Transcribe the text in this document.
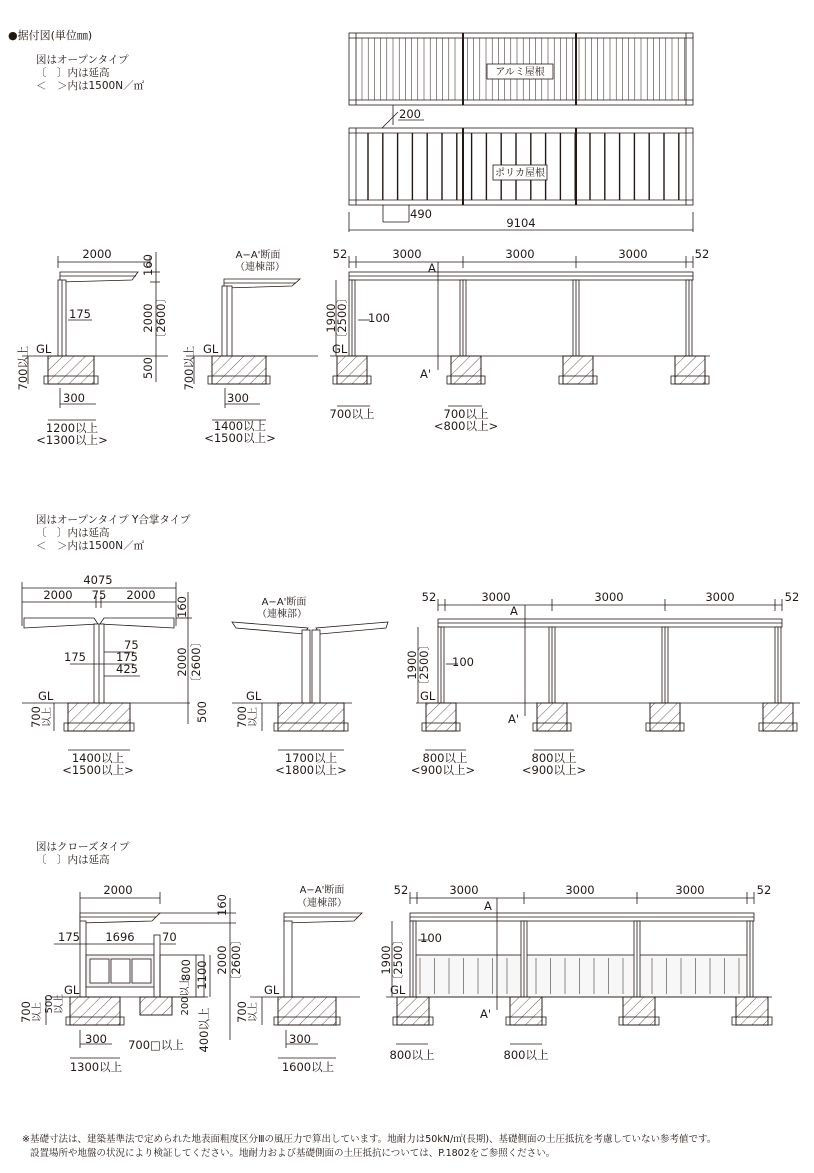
●据付図(単位㎜)
図はオープンタイプ
〔　〕内は延高
＜　＞内は1500N／㎡
図はオープンタイプ Y合掌タイプ
〔　〕内は延高
＜　＞内は1500N／㎡
図はクローズタイプ
〔　〕内は延高
※基礎寸法は、建築基準法で定められた地表面粗度区分Ⅲの風圧力で算出しています。地耐力は50kN/㎡(長期)、基礎側面の土圧抵抗を考慮していない参考値です。
設置場所や地盤の状況により検証してください。地耐力および基礎側面の土圧抵抗については、P.1802をご参照ください。
アルミ屋根
200
ポリカ屋根
490
9104
2000
160
2000 〔2600〕
500
175
GL
700以上
300
1200以上
<1300以上>
A−A'断面
（連棟部）
GL
700以上
300
1400以上
<1500以上>
52	3000	3000	3000	52
A
A'
1900
〔2500〕 100
GL
700以上	700以上
<800以上>
4075
2000 75 2000
160
2000 〔2600〕
500
75
175	175
425
GL
700 以上
1400以上
<1500以上>
A−A'断面
（連棟部）
GL
700 以上
1700以上
<1800以上>
52	3000	3000	3000	52
A
A'
1900
〔2500〕 100
GL
800以上
<900以上>
800以上
<900以上>
2000
160
2000 〔2600〕
175 1696 70
800 1100
GL
700 以上 500 以上	200以上
400以上
300 700□以上
1300以上
A−A'断面
（連棟部）
GL
700 以上
300
1600以上
52	3000	3000	3000	52
A
A'
1900
〔2500〕 100
GL
800以上	800以上
